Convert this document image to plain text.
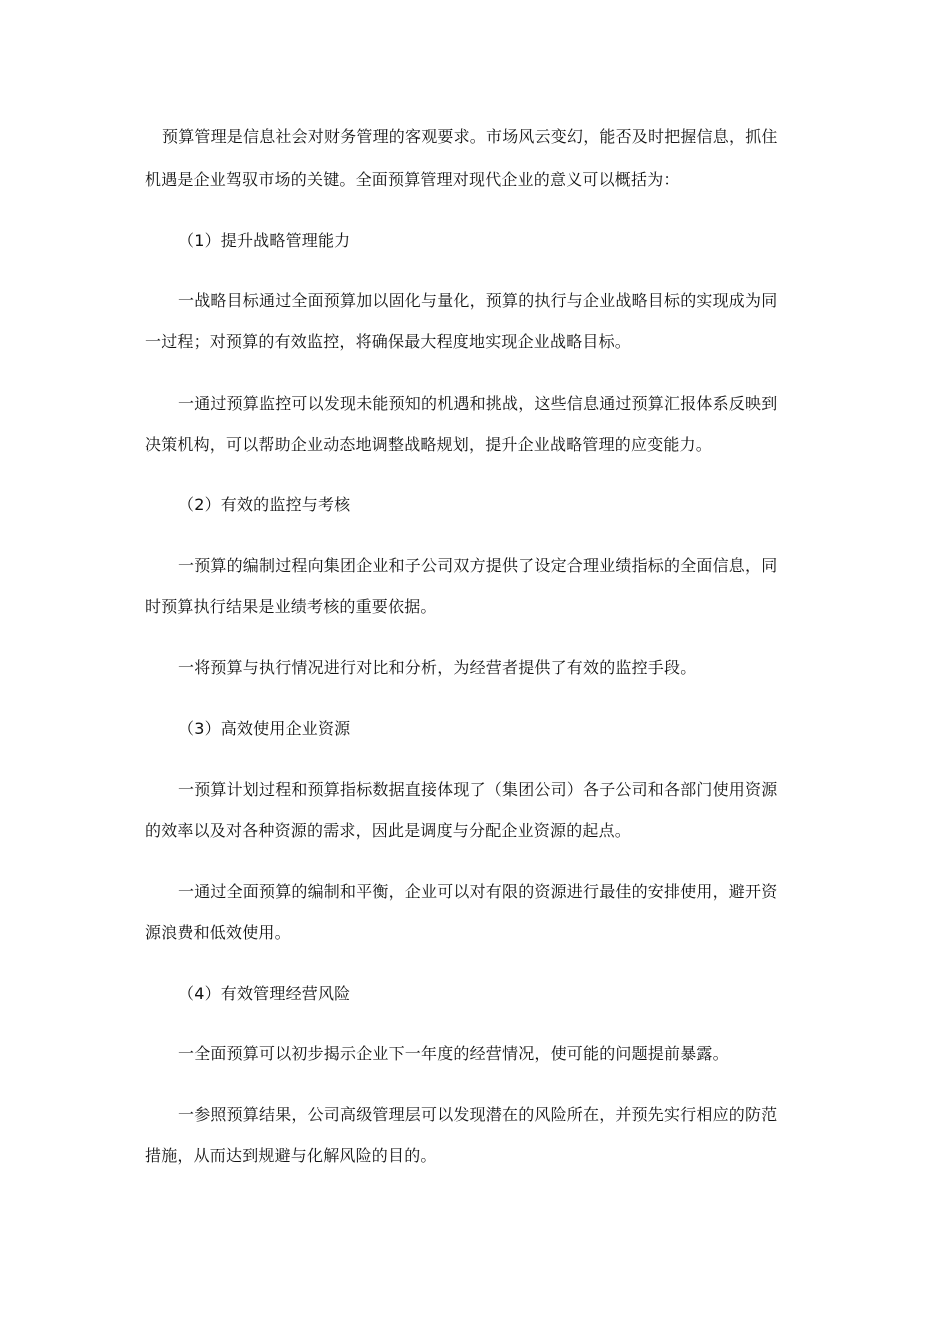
预算管理是信息社会对财务管理的客观要求。市场风云变幻，能否及时把握信息，抓住
机遇是企业驾驭市场的关键。全面预算管理对现代企业的意义可以概括为：
（1）提升战略管理能力
一战略目标通过全面预算加以固化与量化，预算的执行与企业战略目标的实现成为同
一过程；对预算的有效监控，将确保最大程度地实现企业战略目标。
一通过预算监控可以发现未能预知的机遇和挑战，这些信息通过预算汇报体系反映到
决策机构，可以帮助企业动态地调整战略规划，提升企业战略管理的应变能力。
（2）有效的监控与考核
一预算的编制过程向集团企业和子公司双方提供了设定合理业绩指标的全面信息，同
时预算执行结果是业绩考核的重要依据。
一将预算与执行情况进行对比和分析，为经营者提供了有效的监控手段。
（3）高效使用企业资源
一预算计划过程和预算指标数据直接体现了（集团公司）各子公司和各部门使用资源
的效率以及对各种资源的需求，因此是调度与分配企业资源的起点。
一通过全面预算的编制和平衡，企业可以对有限的资源进行最佳的安排使用，避开资
源浪费和低效使用。
（4）有效管理经营风险
一全面预算可以初步揭示企业下一年度的经营情况，使可能的问题提前暴露。
一参照预算结果，公司高级管理层可以发现潜在的风险所在，并预先实行相应的防范
措施，从而达到规避与化解风险的目的。
